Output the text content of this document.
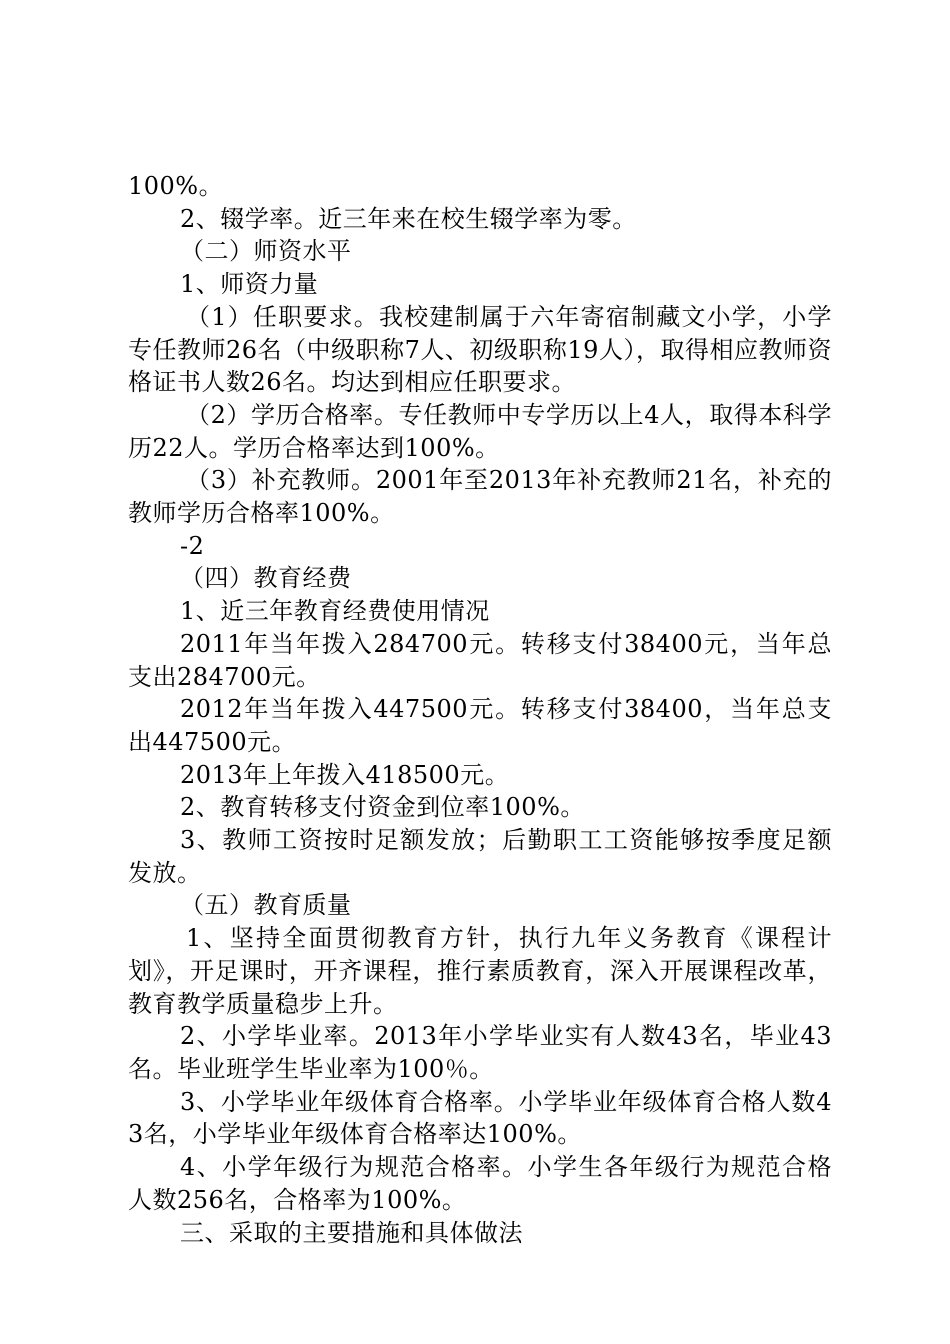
100%。

2、辍学率。近三年来在校生辍学率为零。

（二）师资水平

1、师资力量

（1）任职要求。我校建制属于六年寄宿制藏文小学，小学专任教师26名（中级职称7人、初级职称19人），取得相应教师资格证书人数26名。均达到相应任职要求。

（2）学历合格率。专任教师中专学历以上4人，取得本科学历22人。学历合格率达到100%。

（3）补充教师。2001年至2013年补充教师21名，补充的教师学历合格率100%。

-2

（四）教育经费

1、近三年教育经费使用情况

2011年当年拨入284700元。转移支付38400元，当年总支出284700元。

2012年当年拨入447500元。转移支付38400，当年总支出447500元。

2013年上年拨入418500元。

2、教育转移支付资金到位率100%。

3、教师工资按时足额发放；后勤职工工资能够按季度足额发放。

（五）教育质量

1、坚持全面贯彻教育方针，执行九年义务教育《课程计划》，开足课时，开齐课程，推行素质教育，深入开展课程改革，教育教学质量稳步上升。

2、小学毕业率。2013年小学毕业实有人数43名，毕业43名。毕业班学生毕业率为100％。

3、小学毕业年级体育合格率。小学毕业年级体育合格人数43名，小学毕业年级体育合格率达100%。

4、小学年级行为规范合格率。小学生各年级行为规范合格人数256名，合格率为100%。

三、采取的主要措施和具体做法
